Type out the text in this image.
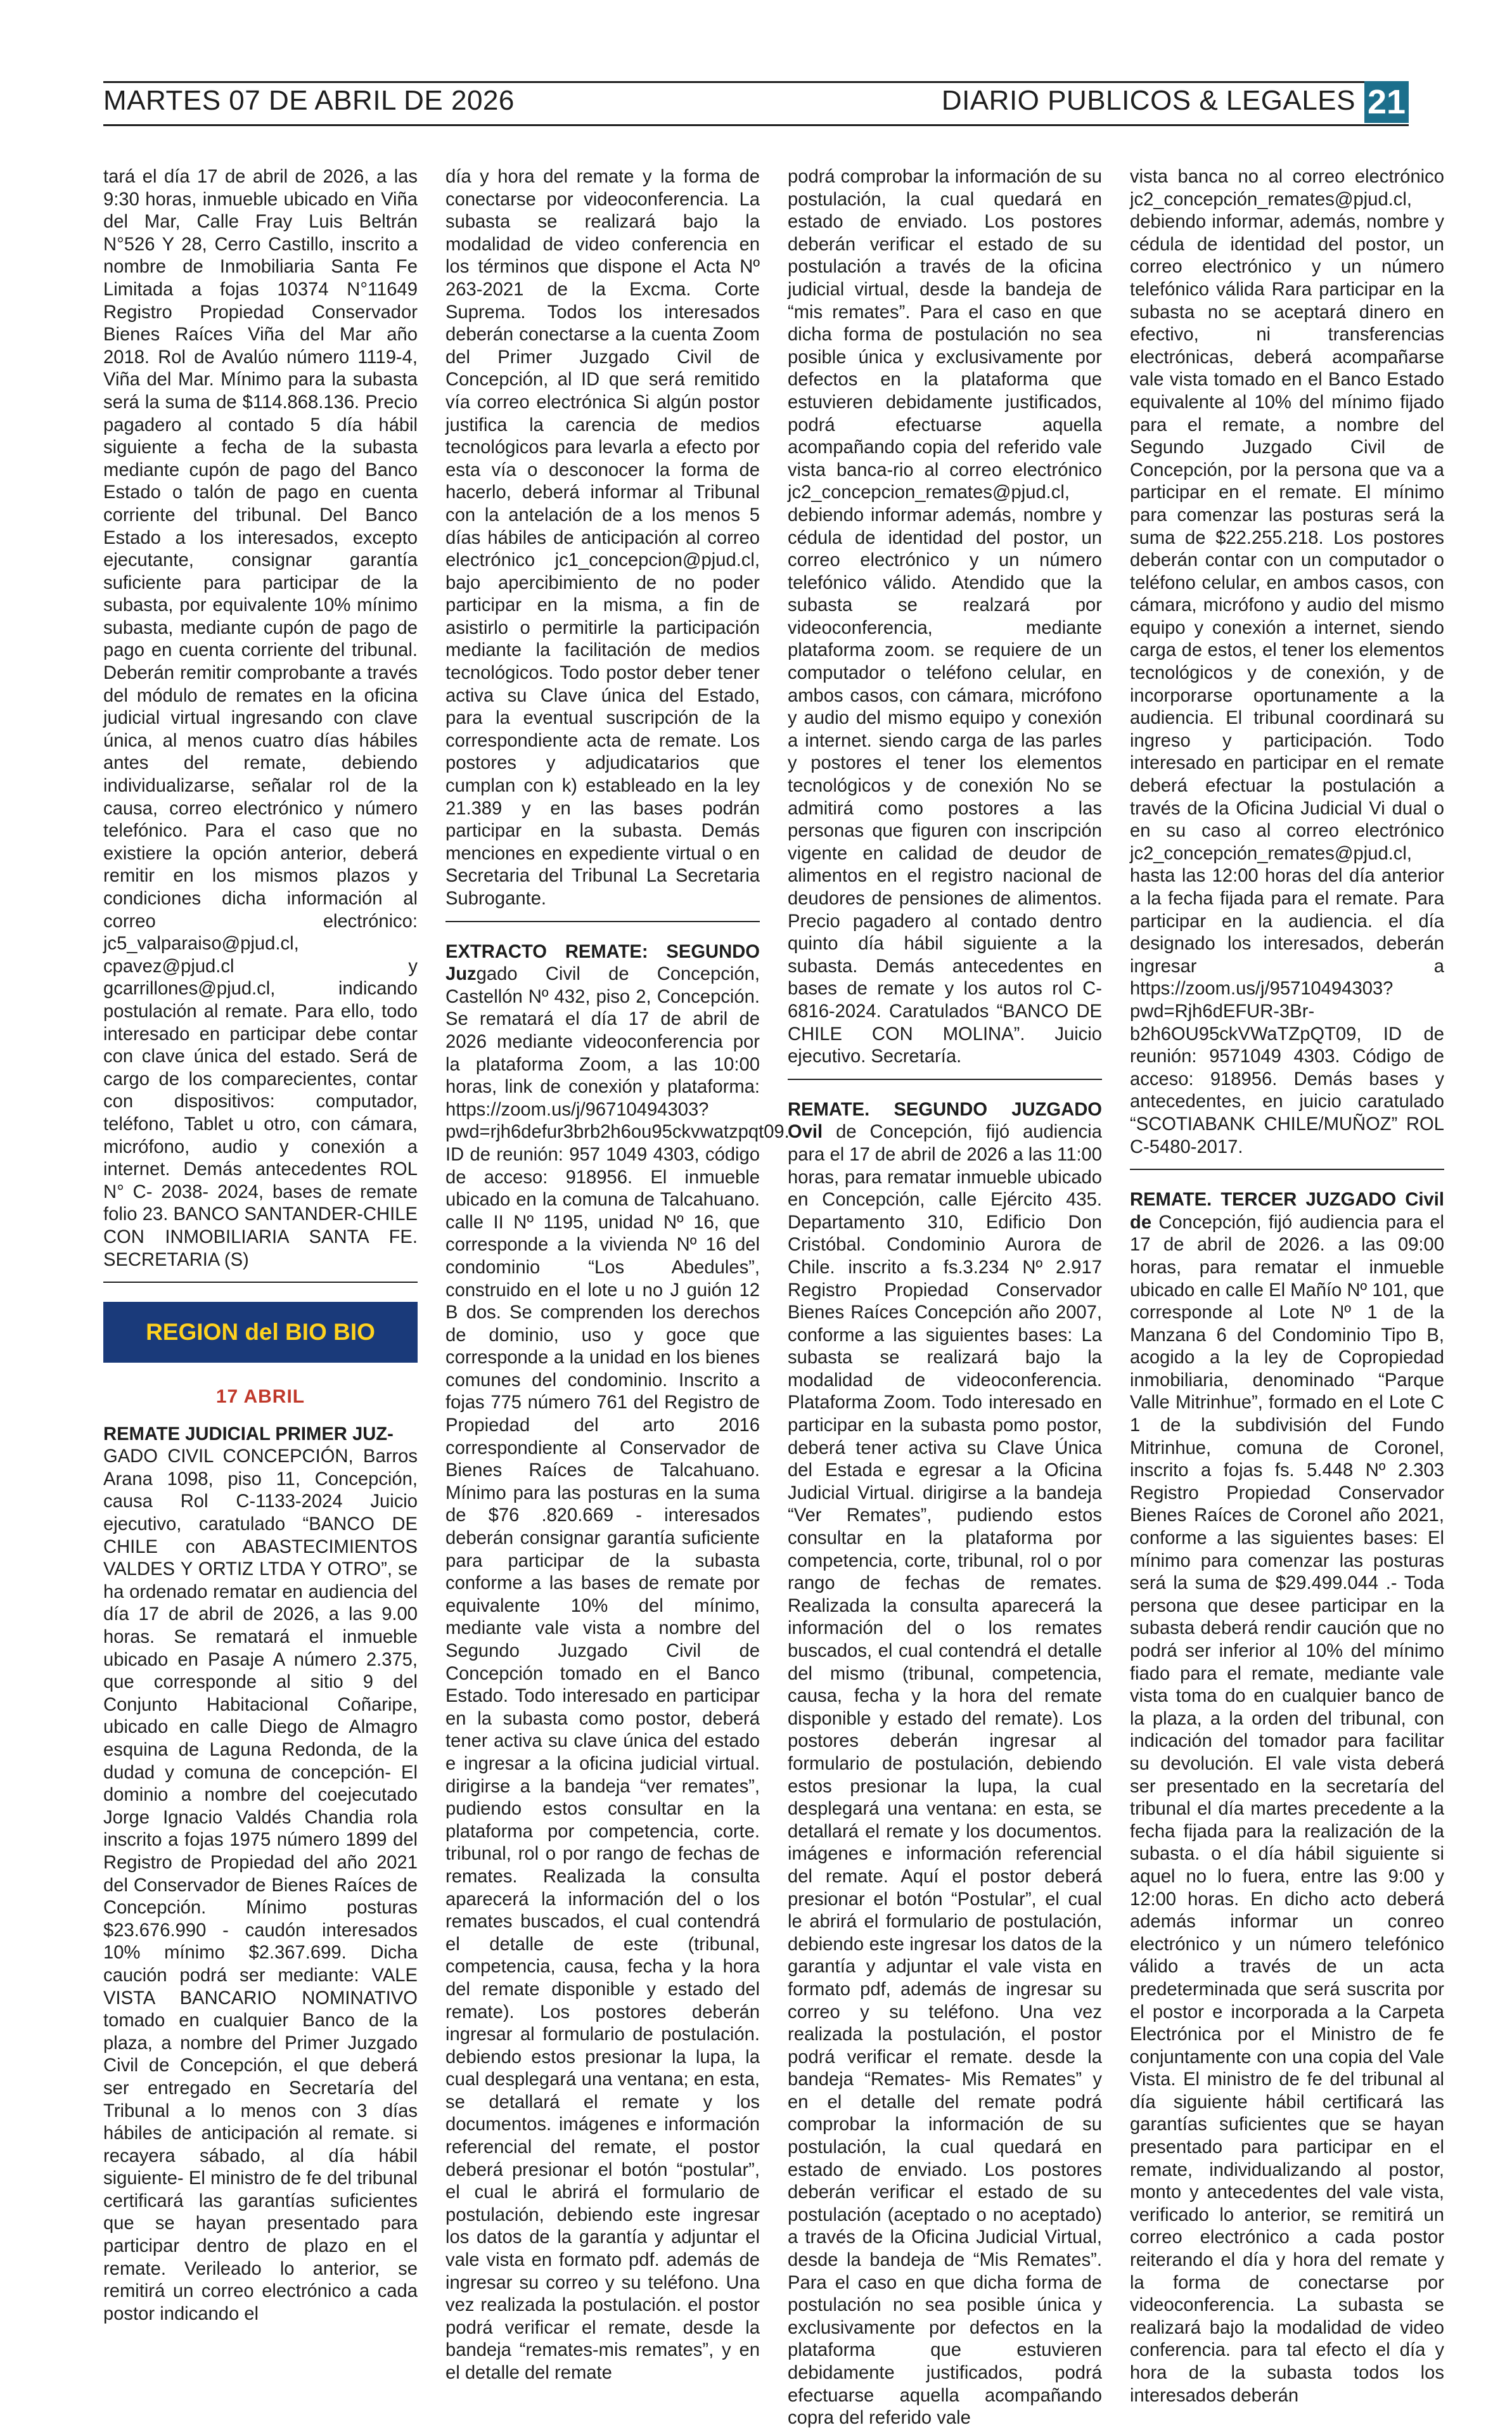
MARTES 07 DE ABRIL DE 2026	DIARIO PUBLICOS & LEGALES 21

tará el día 17 de abril de 2026, a las 9:30 horas, inmueble ubicado en Viña del Mar, Calle Fray Luis Beltrán N°526 Y 28, Cerro Castillo, inscrito a nombre de Inmobiliaria Santa Fe Limitada a fojas 10374 N°11649 Registro Propiedad Conservador Bienes Raíces Viña del Mar año 2018. Rol de Avalúo número 1119-4, Viña del Mar. Mínimo para la subasta será la suma de $114.868.136. Precio pagadero al contado 5 día hábil siguiente a fecha de la subasta mediante cupón de pago del Banco Estado o talón de pago en cuenta corriente del tribunal. Del Banco Estado a los interesados, excepto ejecutante, consignar garantía suficiente para participar de la subasta, por equivalente 10% mínimo subasta, mediante cupón de pago de pago en cuenta corriente del tribunal. Deberán remitir comprobante a través del módulo de remates en la oficina judicial virtual ingresando con clave única, al menos cuatro días hábiles antes del remate, debiendo individualizarse, señalar rol de la causa, correo electrónico y número telefónico. Para el caso que no existiere la opción anterior, deberá remitir en los mismos plazos y condiciones dicha información al correo electrónico: jc5_valparaiso@pjud.cl, cpavez@pjud.cl y gcarrillones@pjud.cl, indicando postulación al remate. Para ello, todo interesado en participar debe contar con clave única del estado. Será de cargo de los comparecientes, contar con dispositivos: computador, teléfono, Tablet u otro, con cámara, micrófono, audio y conexión a internet. Demás antecedentes ROL N° C- 2038- 2024, bases de remate folio 23. BANCO SANTANDER-CHILE CON INMOBILIARIA SANTA FE. SECRETARIA (S)

REGION del BIO BIO
17 ABRIL

REMATE JUDICIAL PRIMER JUZ-
GADO CIVIL CONCEPCIÓN, Barros Arana 1098, piso 11, Concepción, causa Rol C-1133-2024 Juicio ejecutivo, caratulado “BANCO DE CHILE con ABASTECIMIENTOS VALDES Y ORTIZ LTDA Y OTRO”, se ha ordenado rematar en audiencia del día 17 de abril de 2026, a las 9.00 horas. Se rematará el inmueble ubicado en Pasaje A número 2.375, que corresponde al sitio 9 del Conjunto Habitacional Coñaripe, ubicado en calle Diego de Almagro esquina de Laguna Redonda, de la dudad y comuna de concepción- El dominio a nombre del coejecutado Jorge Ignacio Valdés Chandia rola inscrito a fojas 1975 número 1899 del Registro de Propiedad del año 2021 del Conservador de Bienes Raíces de Concepción. Mínimo posturas $23.676.990 - caudón interesados 10% mínimo $2.367.699. Dicha caución podrá ser mediante: VALE VISTA BANCARIO NOMINATIVO tomado en cualquier Banco de la plaza, a nombre del Primer Juzgado Civil de Concepción, el que deberá ser entregado en Secretaría del Tribunal a lo menos con 3 días hábiles de anticipación al remate. si recayera sábado, al día hábil siguiente- El ministro de fe del tribunal certificará las garantías suficientes que se hayan presentado para participar dentro de plazo en el remate. Verileado lo anterior, se remitirá un correo electrónico a cada postor indicando el

día y hora del remate y la forma de conectarse por videoconferencia. La subasta se realizará bajo la modalidad de video conferencia en los términos que dispone el Acta Nº 263-2021 de la Excma. Corte Suprema. Todos los interesados deberán conectarse a la cuenta Zoom del Primer Juzgado Civil de Concepción, al ID que será remitido vía correo electrónica Si algún postor justifica la carencia de medios tecnológicos para levarla a efecto por esta vía o desconocer la forma de hacerlo, deberá informar al Tribunal con la antelación de a los menos 5 días hábiles de anticipación al correo electrónico jc1_concepcion@pjud.cl, bajo apercibimiento de no poder participar en la misma, a fin de asistirlo o permitirle la participación mediante la facilitación de medios tecnológicos. Todo postor deber tener activa su Clave única del Estado, para la eventual suscripción de la correspondiente acta de remate. Los postores y adjudicatarios que cumplan con k) estableado en la ley 21.389 y en las bases podrán participar en la subasta. Demás menciones en expediente virtual o en Secretaria del Tribunal La Secretaria Subrogante.

EXTRACTO REMATE: SEGUNDO Juzgado Civil de Concepción, Castellón Nº 432, piso 2, Concepción. Se rematará el día 17 de abril de 2026 mediante videoconferencia por la plataforma Zoom, a las 10:00 horas, link de conexión y plataforma: https://zoom.us/j/96710494303?pwd=rjh6defur3brb2h6ou95ckvwatzpqt09. ID de reunión: 957 1049 4303, código de acceso: 918956. El inmueble ubicado en la comuna de Talcahuano. calle II Nº 1195, unidad Nº 16, que corresponde a la vivienda Nº 16 del condominio “Los Abedules”, construido en el lote u no J guión 12 B dos. Se comprenden los derechos de dominio, uso y goce que corresponde a la unidad en los bienes comunes del condominio. Inscrito a fojas 775 número 761 del Registro de Propiedad del arto 2016 correspondiente al Conservador de Bienes Raíces de Talcahuano. Mínimo para las posturas en la suma de $76 .820.669 - interesados deberán consignar garantía suficiente para participar de la subasta conforme a las bases de remate por equivalente 10% del mínimo, mediante vale vista a nombre del Segundo Juzgado Civil de Concepción tomado en el Banco Estado. Todo interesado en participar en la subasta como postor, deberá tener activa su clave única del estado e ingresar a la oficina judicial virtual. dirigirse a la bandeja “ver remates”, pudiendo estos consultar en la plataforma por competencia, corte. tribunal, rol o por rango de fechas de remates. Realizada la consulta aparecerá la información del o los remates buscados, el cual contendrá el detalle de este (tribunal, competencia, causa, fecha y la hora del remate disponible y estado del remate). Los postores deberán ingresar al formulario de postulación. debiendo estos presionar la lupa, la cual desplegará una ventana; en esta, se detallará el remate y los documentos. imágenes e información referencial del remate, el postor deberá presionar el botón “postular”, el cual le abrirá el formulario de postulación, debiendo este ingresar los datos de la garantía y adjuntar el vale vista en formato pdf. además de ingresar su correo y su teléfono. Una vez realizada la postulación. el postor podrá verificar el remate, desde la bandeja “remates-mis remates”, y en el detalle del remate

podrá comprobar la información de su postulación, la cual quedará en estado de enviado. Los postores deberán verificar el estado de su postulación a través de la oficina judicial virtual, desde la bandeja de “mis remates”. Para el caso en que dicha forma de postulación no sea posible única y exclusivamente por defectos en la plataforma que estuvieren debidamente justificados, podrá efectuarse aquella acompañando copia del referido vale vista banca-rio al correo electrónico jc2_concepcion_remates@pjud.cl, debiendo informar además, nombre y cédula de identidad del postor, un correo electrónico y un número telefónico válido. Atendido que la subasta se realzará por videoconferencia, mediante plataforma zoom. se requiere de un computador o teléfono celular, en ambos casos, con cámara, micrófono y audio del mismo equipo y conexión a internet. siendo carga de las parles y postores el tener los elementos tecnológicos y de conexión No se admitirá como postores a las personas que figuren con inscripción vigente en calidad de deudor de alimentos en el registro nacional de deudores de pensiones de alimentos. Precio pagadero al contado dentro quinto día hábil siguiente a la subasta. Demás antecedentes en bases de remate y los autos rol C-6816-2024. Caratulados “BANCO DE CHILE CON MOLINA”. Juicio ejecutivo. Secretaría.

REMATE. SEGUNDO JUZGADO Ovil de Concepción, fijó audiencia para el 17 de abril de 2026 a las 11:00 horas, para rematar inmueble ubicado en Concepción, calle Ejército 435. Departamento 310, Edificio Don Cristóbal. Condominio Aurora de Chile. inscrito a fs.3.234 Nº 2.917 Registro Propiedad Conservador Bienes Raíces Concepción año 2007, conforme a las siguientes bases: La subasta se realizará bajo la modalidad de videoconferencia. Plataforma Zoom. Todo interesado en participar en la subasta pomo postor, deberá tener activa su Clave Única del Estada e egresar a la Oficina Judicial Virtual. dirigirse a la bandeja “Ver Remates”, pudiendo estos consultar en la plataforma por competencia, corte, tribunal, rol o por rango de fechas de remates. Realizada la consulta aparecerá la información del o los remates buscados, el cual contendrá el detalle del mismo (tribunal, competencia, causa, fecha y la hora del remate disponible y estado del remate). Los postores deberán ingresar al formulario de postulación, debiendo estos presionar la lupa, la cual desplegará una ventana: en esta, se detallará el remate y los documentos. imágenes e información referencial del remate. Aquí el postor deberá presionar el botón “Postular”, el cual le abrirá el formulario de postulación, debiendo este ingresar los datos de la garantía y adjuntar el vale vista en formato pdf, además de ingresar su correo y su teléfono. Una vez realizada la postulación, el postor podrá verificar el remate. desde la bandeja “Remates- Mis Remates” y en el detalle del remate podrá comprobar la información de su postulación, la cual quedará en estado de enviado. Los postores deberán verificar el estado de su postulación (aceptado o no aceptado) a través de la Oficina Judicial Virtual, desde la bandeja de “Mis Remates”. Para el caso en que dicha forma de postulación no sea posible única y exclusivamente por defectos en la plataforma que estuvieren debidamente justificados, podrá efectuarse aquella acompañando copra del referido vale

vista banca no al correo electrónico jc2_concepción_remates@pjud.cl, debiendo informar, además, nombre y cédula de identidad del postor, un correo electrónico y un número telefónico válida Rara participar en la subasta no se aceptará dinero en efectivo, ni transferencias electrónicas, deberá acompañarse vale vista tomado en el Banco Estado equivalente al 10% del mínimo fijado para el remate, a nombre del Segundo Juzgado Civil de Concepción, por la persona que va a participar en el remate. El mínimo para comenzar las posturas será la suma de $22.255.218. Los postores deberán contar con un computador o teléfono celular, en ambos casos, con cámara, micrófono y audio del mismo equipo y conexión a internet, siendo carga de estos, el tener los elementos tecnológicos y de conexión, y de incorporarse oportunamente a la audiencia. El tribunal coordinará su ingreso y participación. Todo interesado en participar en el remate deberá efectuar la postulación a través de la Oficina Judicial Vi dual o en su caso al correo electrónico jc2_concepción_remates@pjud.cl, hasta las 12:00 horas del día anterior a la fecha fijada para el remate. Para participar en la audiencia. el día designado los interesados, deberán ingresar a https://zoom.us/j/95710494303?pwd=Rjh6dEFUR-3Br-b2h6OU95ckVWaTZpQT09, ID de reunión: 9571049 4303. Código de acceso: 918956. Demás bases y antecedentes, en juicio caratulado “SCOTIABANK CHILE/MUÑOZ” ROL C-5480-2017.

REMATE. TERCER JUZGADO Civil de Concepción, fijó audiencia para el 17 de abril de 2026. a las 09:00 horas, para rematar el inmueble ubicado en calle El Mañío Nº 101, que corresponde al Lote Nº 1 de la Manzana 6 del Condominio Tipo B, acogido a la ley de Copropiedad inmobiliaria, denominado “Parque Valle Mitrinhue”, formado en el Lote C 1 de la subdivisión del Fundo Mitrinhue, comuna de Coronel, inscrito a fojas fs. 5.448 Nº 2.303 Registro Propiedad Conservador Bienes Raíces de Coronel año 2021, conforme a las siguientes bases: El mínimo para comenzar las posturas será la suma de $29.499.044 .- Toda persona que desee participar en la subasta deberá rendir caución que no podrá ser inferior al 10% del mínimo fiado para el remate, mediante vale vista toma do en cualquier banco de la plaza, a la orden del tribunal, con indicación del tomador para facilitar su devolución. El vale vista deberá ser presentado en la secretaría del tribunal el día martes precedente a la fecha fijada para la realización de la subasta. o el día hábil siguiente si aquel no lo fuera, entre las 9:00 y 12:00 horas. En dicho acto deberá además informar un conreo electrónico y un número telefónico válido a través de un acta predeterminada que será suscrita por el postor e incorporada a la Carpeta Electrónica por el Ministro de fe conjuntamente con una copia del Vale Vista. El ministro de fe del tribunal al día siguiente hábil certificará las garantías suficientes que se hayan presentado para participar en el remate, individualizando al postor, monto y antecedentes del vale vista, verificado lo anterior, se remitirá un correo electrónico a cada postor reiterando el día y hora del remate y la forma de conectarse por videoconferencia. La subasta se realizará bajo la modalidad de video conferencia. para tal efecto el día y hora de la subasta todos los interesados deberán
